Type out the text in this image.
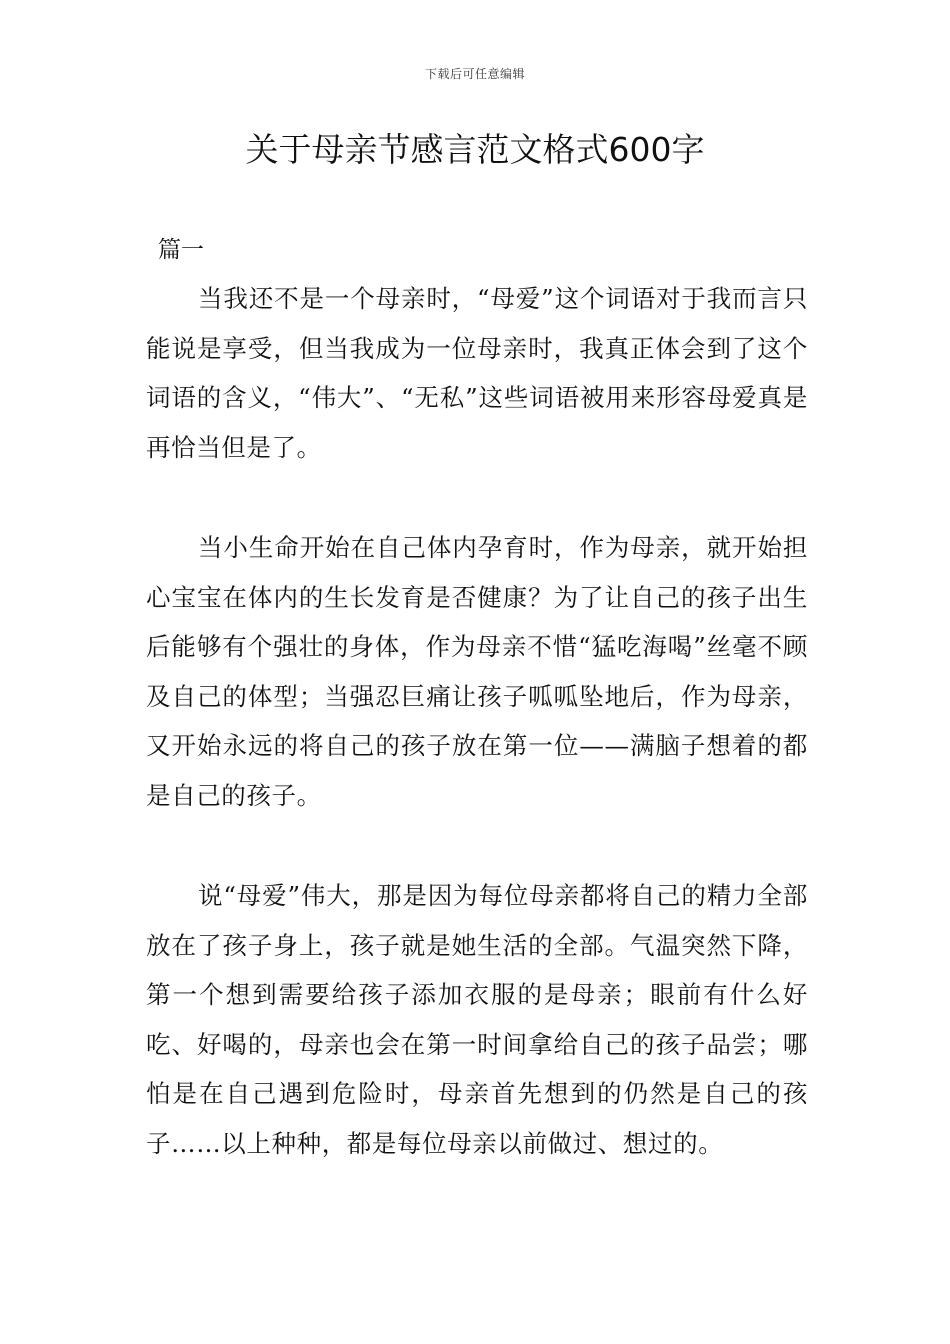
下载后可任意编辑
关于母亲节感言范文格式600字
篇一

当我还不是一个母亲时，“母爱”这个词语对于我而言只能说是享受，但当我成为一位母亲时，我真正体会到了这个词语的含义，“伟大”、“无私”这些词语被用来形容母爱真是再恰当但是了。

当小生命开始在自己体内孕育时，作为母亲，就开始担心宝宝在体内的生长发育是否健康？为了让自己的孩子出生后能够有个强壮的身体，作为母亲不惜“猛吃海喝”丝毫不顾及自己的体型；当强忍巨痛让孩子呱呱坠地后，作为母亲，又开始永远的将自己的孩子放在第一位——满脑子想着的都是自己的孩子。

说“母爱”伟大，那是因为每位母亲都将自己的精力全部放在了孩子身上，孩子就是她生活的全部。气温突然下降，第一个想到需要给孩子添加衣服的是母亲；眼前有什么好吃、好喝的，母亲也会在第一时间拿给自己的孩子品尝；哪怕是在自己遇到危险时，母亲首先想到的仍然是自己的孩子……以上种种，都是每位母亲以前做过、想过的。
